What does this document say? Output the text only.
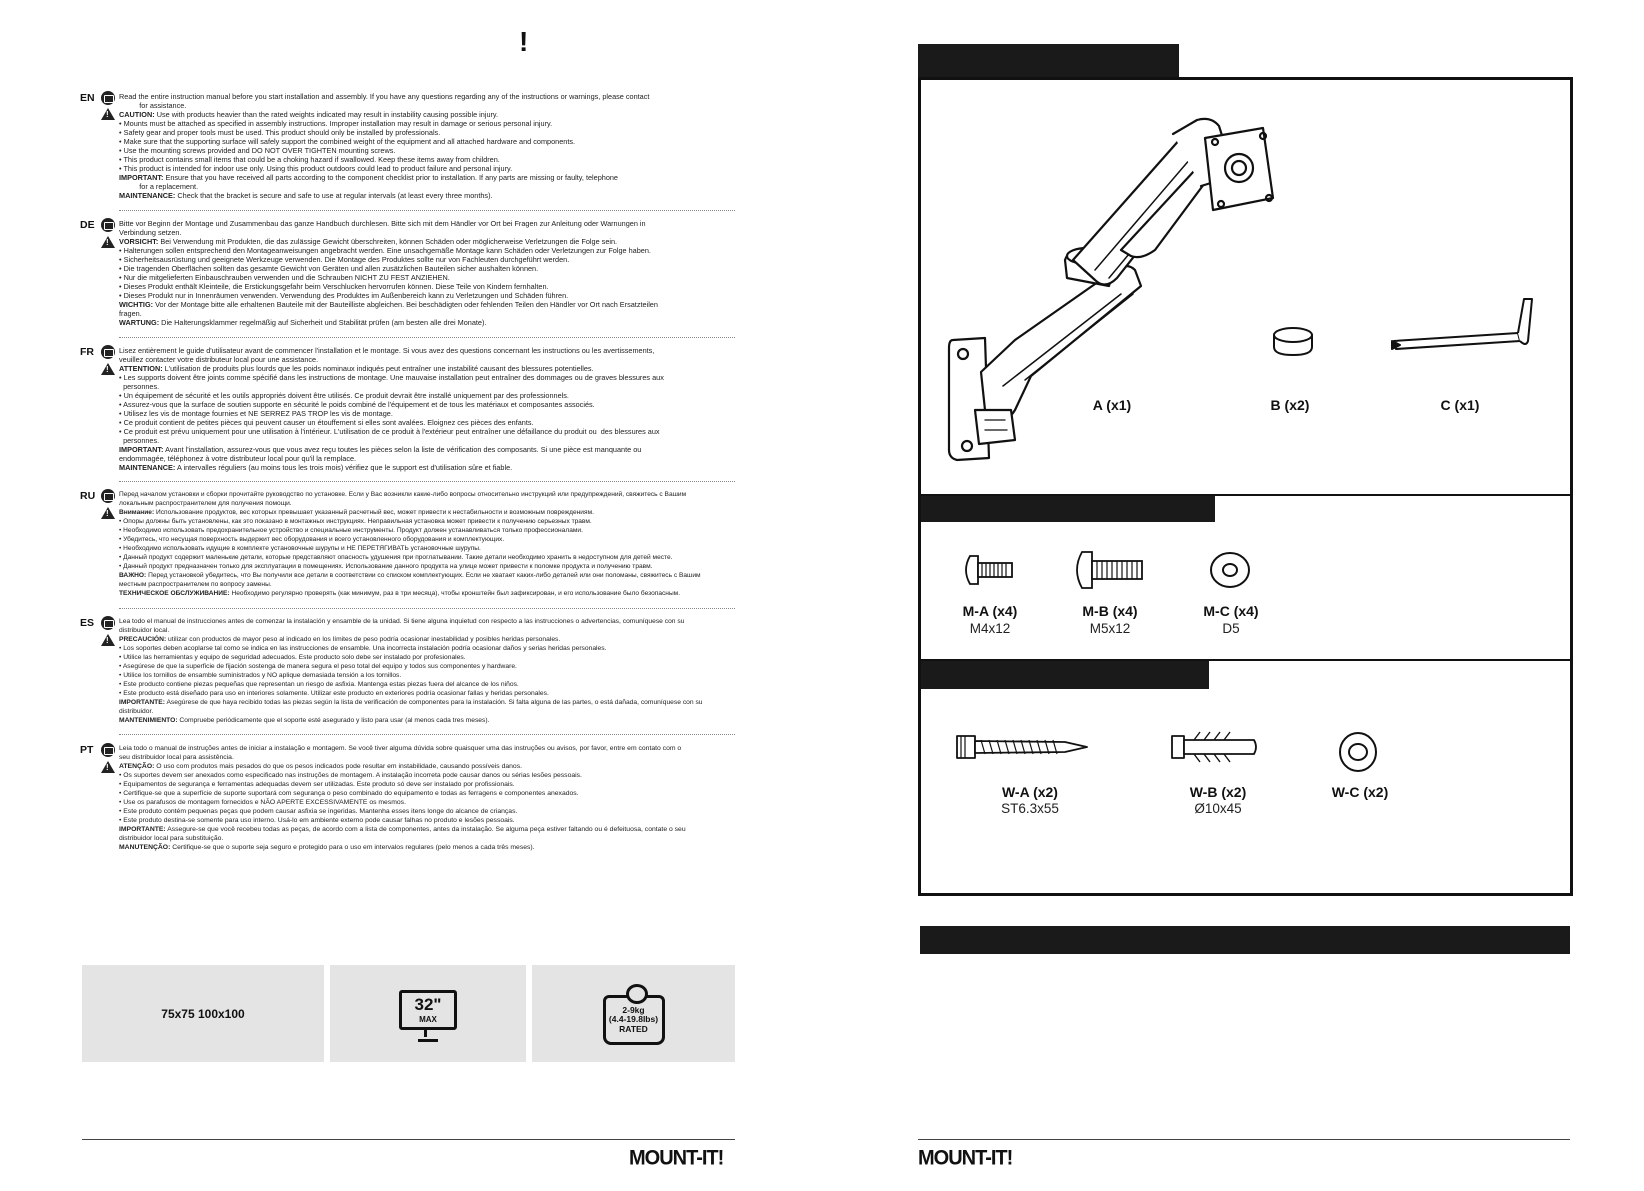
!
EN
!	Read the entire instruction manual before you start installation and assembly. If you have any questions regarding any of the instructions or warnings, please contact
for assistance.
CAUTION: Use with products heavier than the rated weights indicated may result in instability causing possible injury.
• Mounts must be attached as specified in assembly instructions. Improper installation may result in damage or serious personal injury.
• Safety gear and proper tools must be used. This product should only be installed by professionals.
• Make sure that the supporting surface will safely support the combined weight of the equipment and all attached hardware and components.
• Use the mounting screws provided and DO NOT OVER TIGHTEN mounting screws.
• This product contains small items that could be a choking hazard if swallowed. Keep these items away from children.
• This product is intended for indoor use only. Using this product outdoors could lead to product failure and personal injury.
IMPORTANT: Ensure that you have received all parts according to the component checklist prior to installation. If any parts are missing or faulty, telephone
for a replacement.
MAINTENANCE: Check that the bracket is secure and safe to use at regular intervals (at least every three months).
DE
!	Bitte vor Beginn der Montage und Zusammenbau das ganze Handbuch durchlesen. Bitte sich mit dem Händler vor Ort bei Fragen zur Anleitung oder Warnungen in
Verbindung setzen.
VORSICHT: Bei Verwendung mit Produkten, die das zulässige Gewicht überschreiten, können Schäden oder möglicherweise Verletzungen die Folge sein.
• Halterungen sollen entsprechend den Montageanweisungen angebracht werden. Eine unsachgemäße Montage kann Schäden oder Verletzungen zur Folge haben.
• Sicherheitsausrüstung und geeignete Werkzeuge verwenden. Die Montage des Produktes sollte nur von Fachleuten durchgeführt werden.
• Die tragenden Oberflächen sollten das gesamte Gewicht von Geräten und allen zusätzlichen Bauteilen sicher aushalten können.
• Nur die mitgelieferten Einbauschrauben verwenden und die Schrauben NICHT ZU FEST ANZIEHEN.
• Dieses Produkt enthält Kleinteile, die Erstickungsgefahr beim Verschlucken hervorrufen können. Diese Teile von Kindern fernhalten.
• Dieses Produkt nur in Innenräumen verwenden. Verwendung des Produktes im Außenbereich kann zu Verletzungen und Schäden führen.
WICHTIG: Vor der Montage bitte alle erhaltenen Bauteile mit der Bauteilliste abgleichen. Bei beschädigten oder fehlenden Teilen den Händler vor Ort nach Ersatzteilen
fragen.
WARTUNG: Die Halterungsklammer regelmäßig auf Sicherheit und Stabilität prüfen (am besten alle drei Monate).
FR
!	Lisez entièrement le guide d'utilisateur avant de commencer l'installation et le montage. Si vous avez des questions concernant les instructions ou les avertissements,
veuillez contacter votre distributeur local pour une assistance.
ATTENTION: L'utilisation de produits plus lourds que les poids nominaux indiqués peut entraîner une instabilité causant des blessures potentielles.
• Les supports doivent être joints comme spécifié dans les instructions de montage. Une mauvaise installation peut entraîner des dommages ou de graves blessures aux
personnes.
• Un équipement de sécurité et les outils appropriés doivent être utilisés. Ce produit devrait être installé uniquement par des professionnels.
• Assurez-vous que la surface de soutien supporte en sécurité le poids combiné de l'équipement et de tous les matériaux et composantes associés.
• Utilisez les vis de montage fournies et NE SERREZ PAS TROP les vis de montage.
• Ce produit contient de petites pièces qui peuvent causer un étouffement si elles sont avalées. Eloignez ces pièces des enfants.
• Ce produit est prévu uniquement pour une utilisation à l'intérieur. L'utilisation de ce produit à l'extérieur peut entraîner une défaillance du produit ou  des blessures aux
personnes.
IMPORTANT: Avant l'installation, assurez-vous que vous avez reçu toutes les pièces selon la liste de vérification des composants. Si une pièce est manquante ou
endommagée, téléphonez à votre distributeur local pour qu'il la remplace.
MAINTENANCE: A intervalles réguliers (au moins tous les trois mois) vérifiez que le support est d'utilisation sûre et fiable.
RU
!	Перед началом установки и сборки прочитайте руководство по установке. Если у Вас возникли какие-либо вопросы относительно инструкций или предупреждений, свяжитесь с Вашим
локальным распространителем для получения помощи.
Внимание: Использование продуктов, вес которых превышает указанный расчетный вес, может привести к нестабильности и возможным повреждениям.
• Опоры должны быть установлены, как это показано в монтажных инструкциях. Неправильная установка может привести к получению серьезных травм.
• Необходимо использовать предохранительное устройство и специальные инструменты. Продукт должен устанавливаться только профессионалами.
• Убедитесь, что несущая поверхность выдержит вес оборудования и всего установленного оборудования и комплектующих.
• Необходимо использовать идущие в комплекте установочные шурупы и НЕ ПЕРЕТЯГИВАТЬ установочные шурупы.
• Данный продукт содержит маленькие детали, которые представляют опасность удушения при проглатывании. Такие детали необходимо хранить в недоступном для детей месте.
• Данный продукт предназначен только для эксплуатации в помещениях. Использование данного продукта на улице может привести к поломке продукта и получению травм.
ВАЖНО: Перед установкой убедитесь, что Вы получили все детали в соответствии со списком комплектующих. Если не хватает каких-либо деталей или они поломаны, свяжитесь с Вашим
местным распространителем по вопросу замены.
ТЕХНИЧЕСКОЕ ОБСЛУЖИВАНИЕ: Необходимо регулярно проверять (как минимум, раз в три месяца), чтобы кронштейн был зафиксирован, и его использование было безопасным.
ES
!	Lea todo el manual de instrucciones antes de comenzar la instalación y ensamble de la unidad. Si tiene alguna inquietud con respecto a las instrucciones o advertencias, comuníquese con su
distribuidor local.
PRECAUCIÓN: utilizar con productos de mayor peso al indicado en los límites de peso podría ocasionar inestabilidad y posibles heridas personales.
• Los soportes deben acoplarse tal como se indica en las instrucciones de ensamble. Una incorrecta instalación podría ocasionar daños y serias heridas personales.
• Utilice las herramientas y equipo de seguridad adecuados. Este producto solo debe ser instalado por profesionales.
• Asegúrese de que la superficie de fijación sostenga de manera segura el peso total del equipo y todos sus componentes y hardware.
• Utilice los tornillos de ensamble suministrados y NO aplique demasiada tensión a los tornillos.
• Este producto contiene piezas pequeñas que representan un riesgo de asfixia. Mantenga estas piezas fuera del alcance de los niños.
• Este producto está diseñado para uso en interiores solamente. Utilizar este producto en exteriores podría ocasionar fallas y heridas personales.
IMPORTANTE: Asegúrese de que haya recibido todas las piezas según la lista de verificación de componentes para la instalación. Si falta alguna de las partes, o está dañada, comuníquese con su
distribuidor.
MANTENIMIENTO: Compruebe periódicamente que el soporte esté asegurado y listo para usar (al menos cada tres meses).
PT
!	Leia todo o manual de instruções antes de iniciar a instalação e montagem. Se você tiver alguma dúvida sobre quaisquer uma das instruções ou avisos, por favor, entre em contato com o
seu distribuidor local para assistência.
ATENÇÃO: O uso com produtos mais pesados do que os pesos indicados pode resultar em instabilidade, causando possíveis danos.
• Os suportes devem ser anexados como especificado nas instruções de montagem. A instalação incorreta pode causar danos ou sérias lesões pessoais.
• Equipamentos de segurança e ferramentas adequadas devem ser utilizadas. Este produto só deve ser instalado por profissionais.
• Certifique-se que a superfície de suporte suportará com segurança o peso combinado do equipamento e todas as ferragens e componentes anexados.
• Use os parafusos de montagem fornecidos e NÃO APERTE EXCESSIVAMENTE os mesmos.
• Este produto contém pequenas peças que podem causar asfixia se ingeridas. Mantenha esses itens longe do alcance de crianças.
• Este produto destina-se somente para uso interno. Usá-lo em ambiente externo pode causar falhas no produto e lesões pessoais.
IMPORTANTE: Assegure-se que você recebeu todas as peças, de acordo com a lista de componentes, antes da instalação. Se alguma peça estiver faltando ou é defeituosa, contate o seu
distribuidor local para substituição.
MANUTENÇÃO: Certifique-se que o suporte seja seguro e protegido para o uso em intervalos regulares (pelo menos a cada três meses).
75x75 100x100	32"
MAX
2-9kg
(4.4-19.8lbs)
RATED
MOUNT-IT!
A (x1)	B (x2)	C (x1)
M-A (x4)
M4x12
M-B (x4)
M5x12
M-C (x4)
D5
W-A (x2)
ST6.3x55
W-B (x2)
Ø10x45
W-C (x2)
MOUNT-IT!
